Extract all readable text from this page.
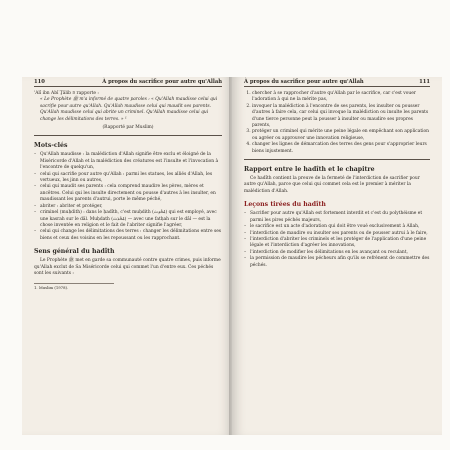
110	À propos du sacrifice pour autre qu'Allah

'Alî ibn Abî Ţâlib ¤ rapporte :

« Le Prophète ﷺ m'a informé de quatre paroles : « Qu'Allah maudisse celui qui sacrifie pour autre qu'Allah. Qu'Allah maudisse celui qui maudit ses parents. Qu'Allah maudisse celui qui abrite un criminel. Qu'Allah maudisse celui qui change les délimitations des terres. » ¹

(Rapporté par Muslim)

Mots-clés
– Qu'Allah maudisse : la malédiction d'Allah signifie être exclu et éloigné de la Miséricorde d'Allah et la malédiction des créatures est l'insulte et l'invocation à l'encontre de quelqu'un,
– celui qui sacrifie pour autre qu'Allah : parmi les statues, les alliés d'Allah, les vertueux, les jinn ou autres,
– celui qui maudit ses parents : cela comprend maudire les pères, mères et ancêtres. Celui qui les insulte directement ou pousse d'autres à les insulter, en maudissant les parents d'autrui, porte le même péché,
– abriter : abriter et protéger,
– criminel (muḥdith) : dans le ḥadîth, c'est muḥdith (مُحْدِث) qui est employé, avec une kasrah sur le dâl. Muḥdath (مُحْدَث) — avec une fatḥah sur le dâl — est la chose inventée en religion et le fait de l'abriter signifie l'agréer,
– celui qui change les délimitations des terres : changer les délimitations entre ses biens et ceux des voisins en les repoussant ou les rapprochant.
Sens général du hadîth

Le Prophète ﷺ met en garde sa communauté contre quatre crimes, puis informe qu'Allah exclut de Sa Miséricorde celui qui commet l'un d'entre eux. Ces péchés sont les suivants :

1. Muslim (1978).
À propos du sacrifice pour autre qu'Allah	111
1. chercher à se rapprocher d'autre qu'Allah par le sacrifice, car c'est vouer l'adoration à qui ne la mérite pas,
2. invoquer la malédiction à l'encontre de ses parents, les insulter ou pousser d'autres à faire cela, car celui qui invoque la malédiction ou insulte les parents d'une tierce personne peut la pousser à insulter ou maudire ses propres parents,
3. protéger un criminel qui mérite une peine légale en empêchant son application ou agréer ou approuver une innovation religieuse,
4. changer les lignes de démarcation des terres des gens pour s'approprier leurs biens injustement.
Rapport entre le hadîth et le chapitre

Ce hadîth contient la preuve de la fermeté de l'interdiction de sacrifier pour autre qu'Allah, parce que celui qui commet cela est le premier à mériter la malédiction d'Allah.

Leçons tirées du hadîth
– Sacrifier pour autre qu'Allah est fortement interdit et c'est du polythéisme et parmi les pires péchés majeurs,
– le sacrifice est un acte d'adoration qui doit être voué exclusivement à Allah,
– l'interdiction de maudire ou insulter ses parents ou de pousser autrui à le faire,
– l'interdiction d'abriter les criminels et les protéger de l'application d'une peine légale et l'interdiction d'agréer les innovations,
– l'interdiction de modifier les délimitations en les avançant ou reculant,
– la permission de maudire les pécheurs afin qu'ils se refrènent de commettre des péchés.
